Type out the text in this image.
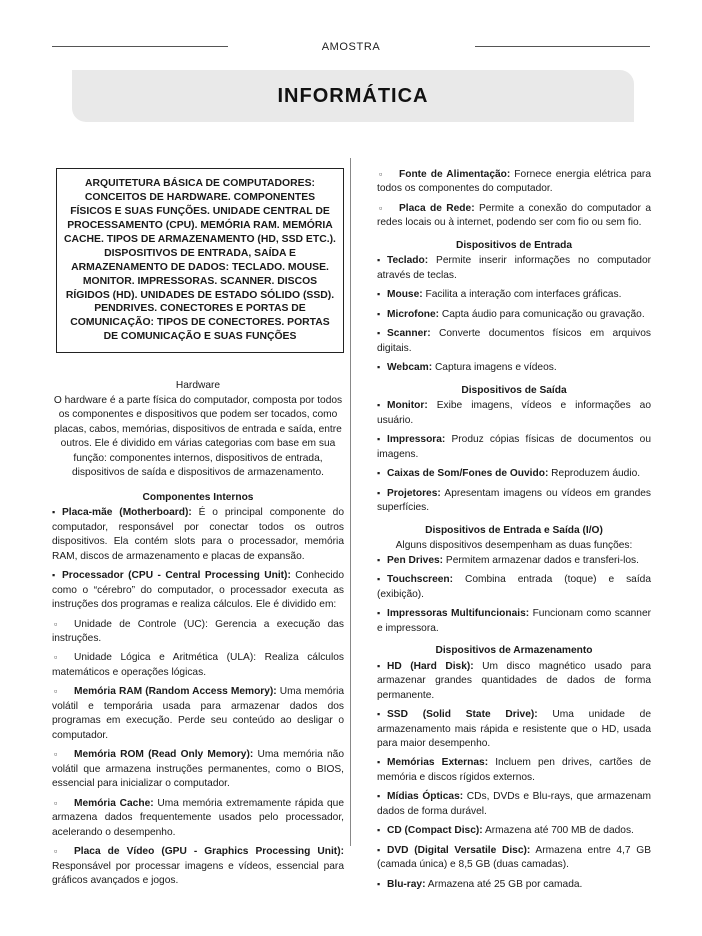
AMOSTRA
INFORMÁTICA
ARQUITETURA BÁSICA DE COMPUTADORES: CONCEITOS DE HARDWARE. COMPONENTES FÍSICOS E SUAS FUNÇÕES. UNIDADE CENTRAL DE PROCESSAMENTO (CPU). MEMÓRIA RAM. MEMÓRIA CACHE. TIPOS DE ARMAZENAMENTO (HD, SSD ETC.). DISPOSITIVOS DE ENTRADA, SAÍDA E ARMAZENAMENTO DE DADOS: TECLADO. MOUSE. MONITOR. IMPRESSORAS. SCANNER. DISCOS RÍGIDOS (HD). UNIDADES DE ESTADO SÓLIDO (SSD). PENDRIVES. CONECTORES E PORTAS DE COMUNICAÇÃO: TIPOS DE CONECTORES. PORTAS DE COMUNICAÇÃO E SUAS FUNÇÕES
Hardware
O hardware é a parte física do computador, composta por todos os componentes e dispositivos que podem ser tocados, como placas, cabos, memórias, dispositivos de entrada e saída, entre outros. Ele é dividido em várias categorias com base em sua função: componentes internos, dispositivos de entrada, dispositivos de saída e dispositivos de armazenamento.
Componentes Internos
▪ Placa-mãe (Motherboard): É o principal componente do computador, responsável por conectar todos os outros dispositivos. Ela contém slots para o processador, memória RAM, discos de armazenamento e placas de expansão.
▪ Processador (CPU - Central Processing Unit): Conhecido como o “cérebro” do computador, o processador executa as instruções dos programas e realiza cálculos. Ele é dividido em:
▫ Unidade de Controle (UC): Gerencia a execução das instruções.
▫ Unidade Lógica e Aritmética (ULA): Realiza cálculos matemáticos e operações lógicas.
▫ Memória RAM (Random Access Memory): Uma memória volátil e temporária usada para armazenar dados dos programas em execução. Perde seu conteúdo ao desligar o computador.
▫ Memória ROM (Read Only Memory): Uma memória não volátil que armazena instruções permanentes, como o BIOS, essencial para inicializar o computador.
▫ Memória Cache: Uma memória extremamente rápida que armazena dados frequentemente usados pelo processador, acelerando o desempenho.
▫ Placa de Vídeo (GPU - Graphics Processing Unit): Responsável por processar imagens e vídeos, essencial para gráficos avançados e jogos.
▫ Fonte de Alimentação: Fornece energia elétrica para todos os componentes do computador.
▫ Placa de Rede: Permite a conexão do computador a redes locais ou à internet, podendo ser com fio ou sem fio.
Dispositivos de Entrada
▪ Teclado: Permite inserir informações no computador através de teclas.
▪ Mouse: Facilita a interação com interfaces gráficas.
▪ Microfone: Capta áudio para comunicação ou gravação.
▪ Scanner: Converte documentos físicos em arquivos digitais.
▪ Webcam: Captura imagens e vídeos.
Dispositivos de Saída
▪ Monitor: Exibe imagens, vídeos e informações ao usuário.
▪ Impressora: Produz cópias físicas de documentos ou imagens.
▪ Caixas de Som/Fones de Ouvido: Reproduzem áudio.
▪ Projetores: Apresentam imagens ou vídeos em grandes superfícies.
Dispositivos de Entrada e Saída (I/O)
Alguns dispositivos desempenham as duas funções:
▪ Pen Drives: Permitem armazenar dados e transferi-los.
▪ Touchscreen: Combina entrada (toque) e saída (exibição).
▪ Impressoras Multifuncionais: Funcionam como scanner e impressora.
Dispositivos de Armazenamento
▪ HD (Hard Disk): Um disco magnético usado para armazenar grandes quantidades de dados de forma permanente.
▪ SSD (Solid State Drive): Uma unidade de armazenamento mais rápida e resistente que o HD, usada para maior desempenho.
▪ Memórias Externas: Incluem pen drives, cartões de memória e discos rígidos externos.
▪ Mídias Ópticas: CDs, DVDs e Blu-rays, que armazenam dados de forma durável.
▪ CD (Compact Disc): Armazena até 700 MB de dados.
▪ DVD (Digital Versatile Disc): Armazena entre 4,7 GB (camada única) e 8,5 GB (duas camadas).
▪ Blu-ray: Armazena até 25 GB por camada.
